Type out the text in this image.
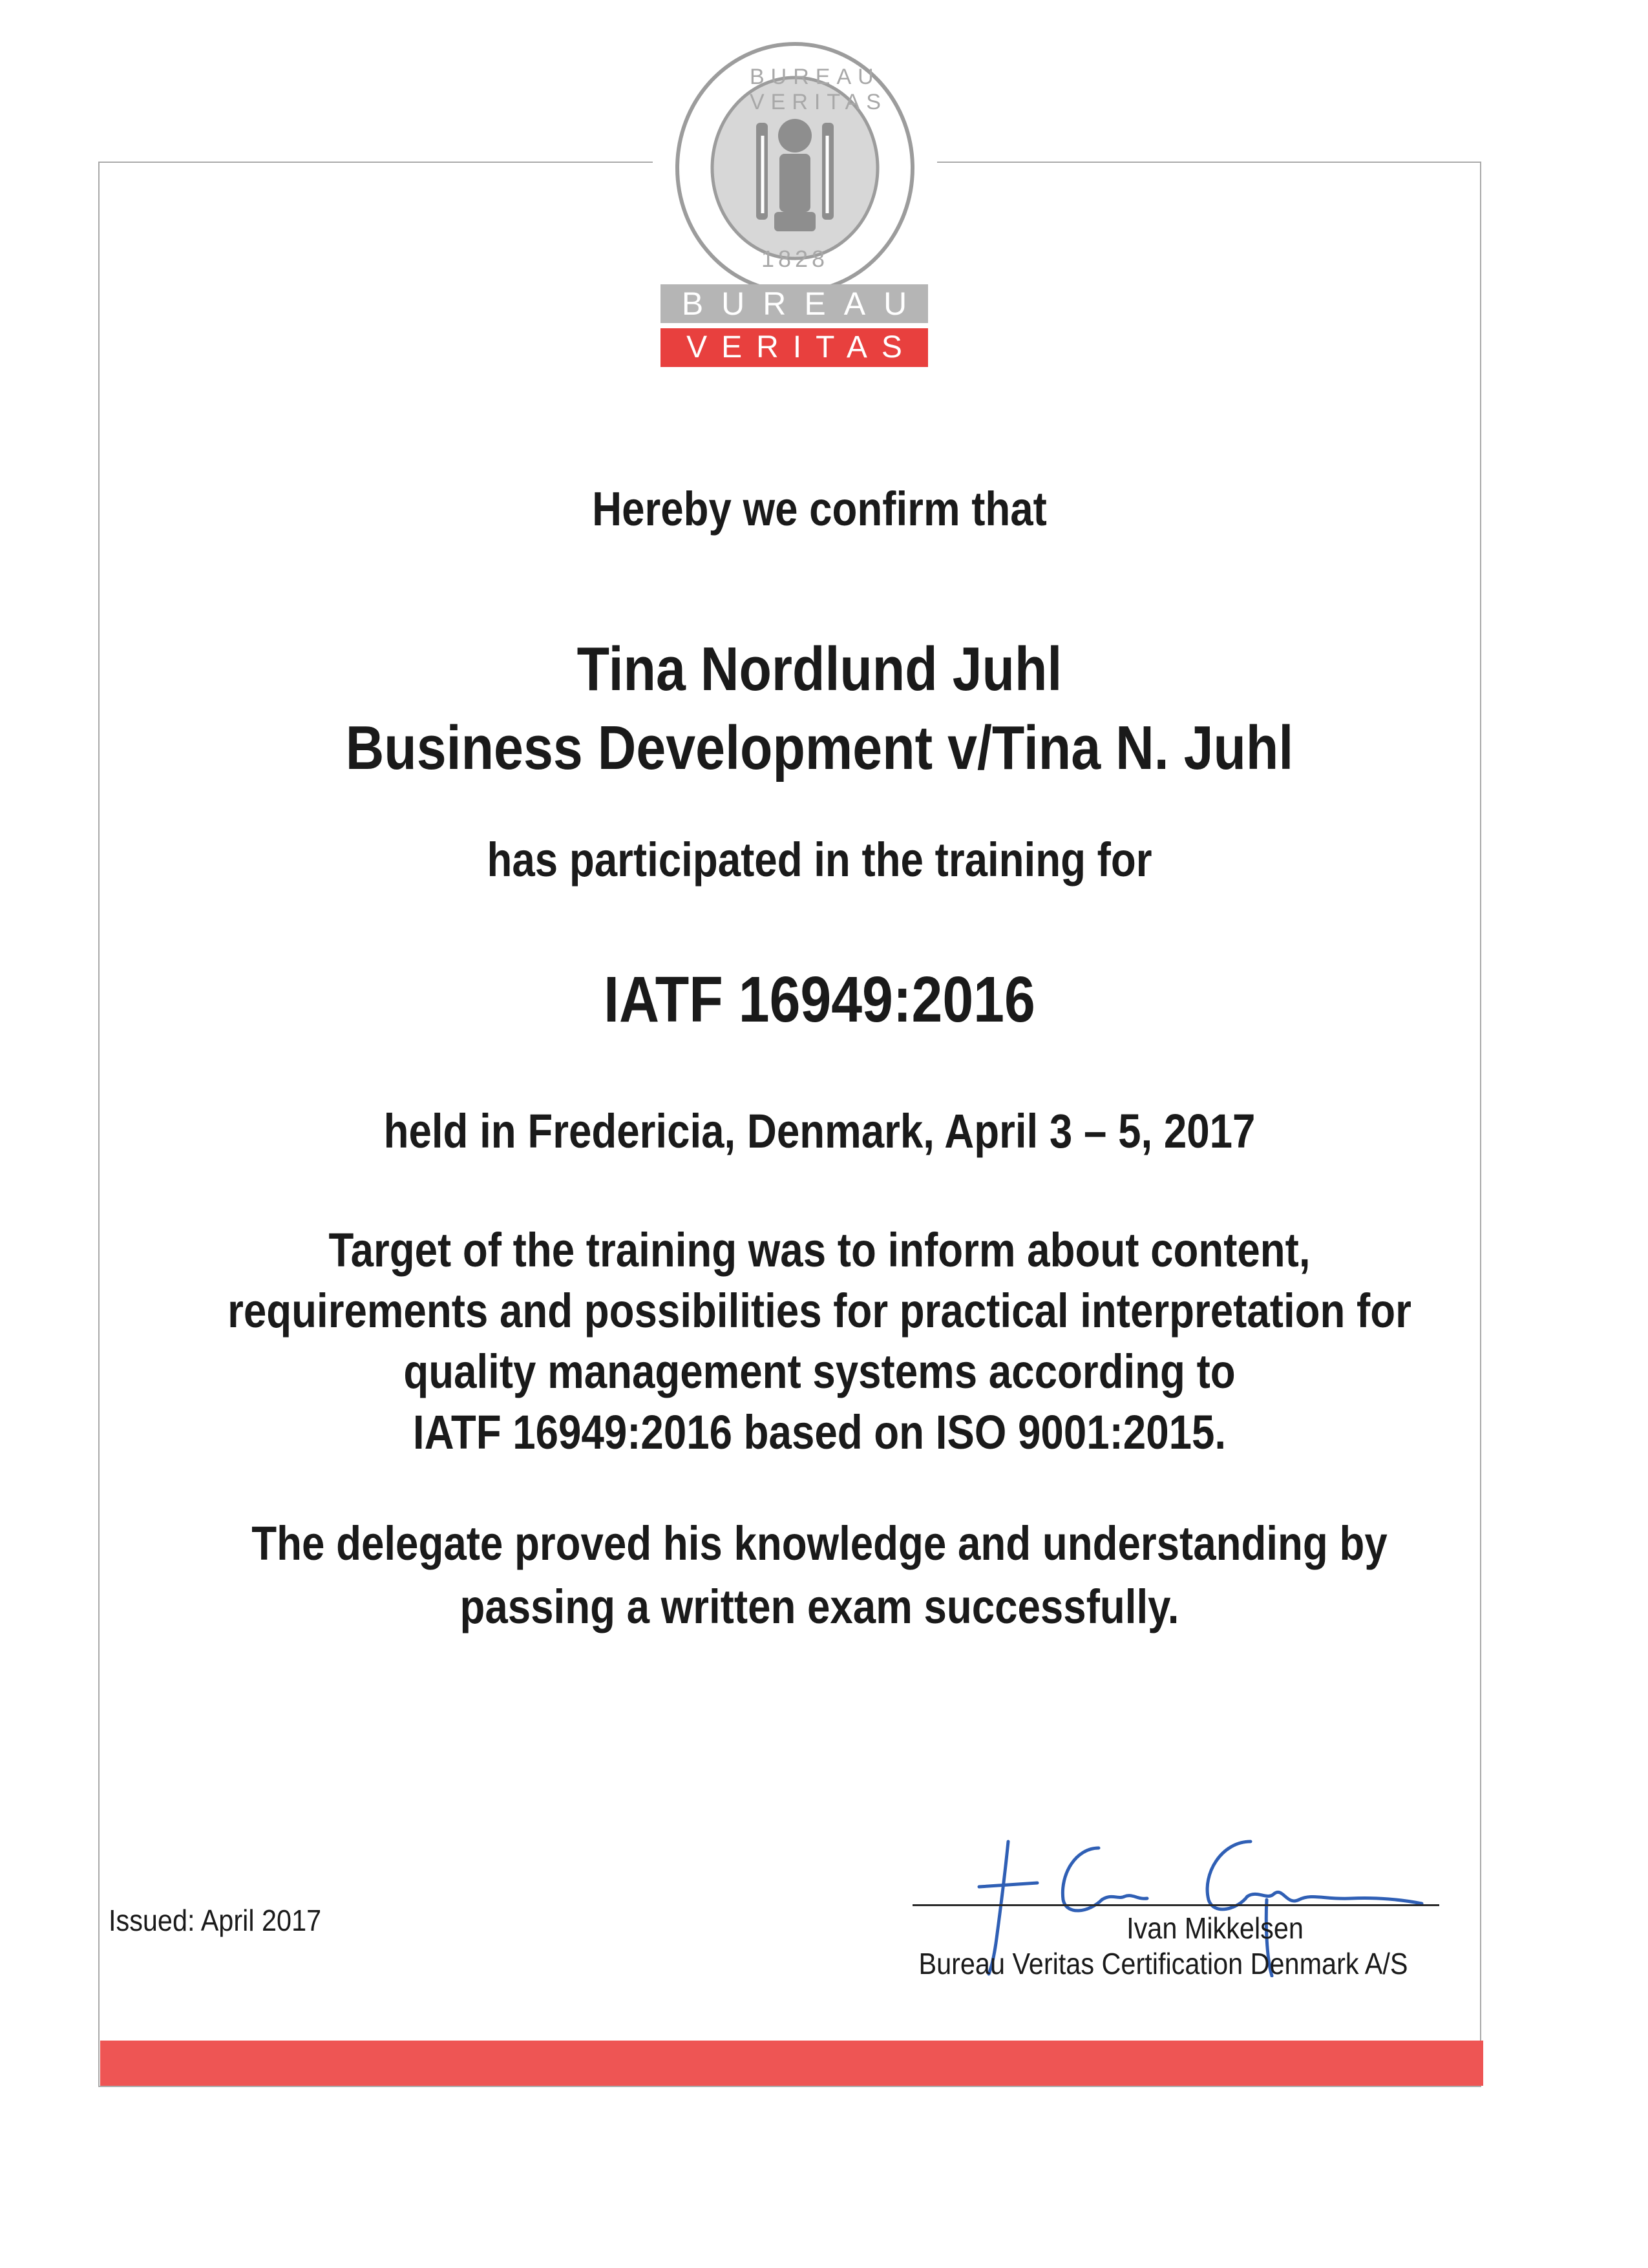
BUREAU VERITAS
1828
BUREAU
VERITAS
Hereby we confirm that
Tina Nordlund Juhl
Business Development v/Tina N. Juhl
has participated in the training for
IATF 16949:2016
held in Fredericia, Denmark, April 3 – 5, 2017
Target of the training was to inform about content,
requirements and possibilities for practical interpretation for
quality management systems according to
IATF 16949:2016 based on ISO 9001:2015.
The delegate proved his knowledge and understanding by
passing a written exam successfully.
Issued: April 2017	Ivan Mikkelsen
Bureau Veritas Certification Denmark A/S
